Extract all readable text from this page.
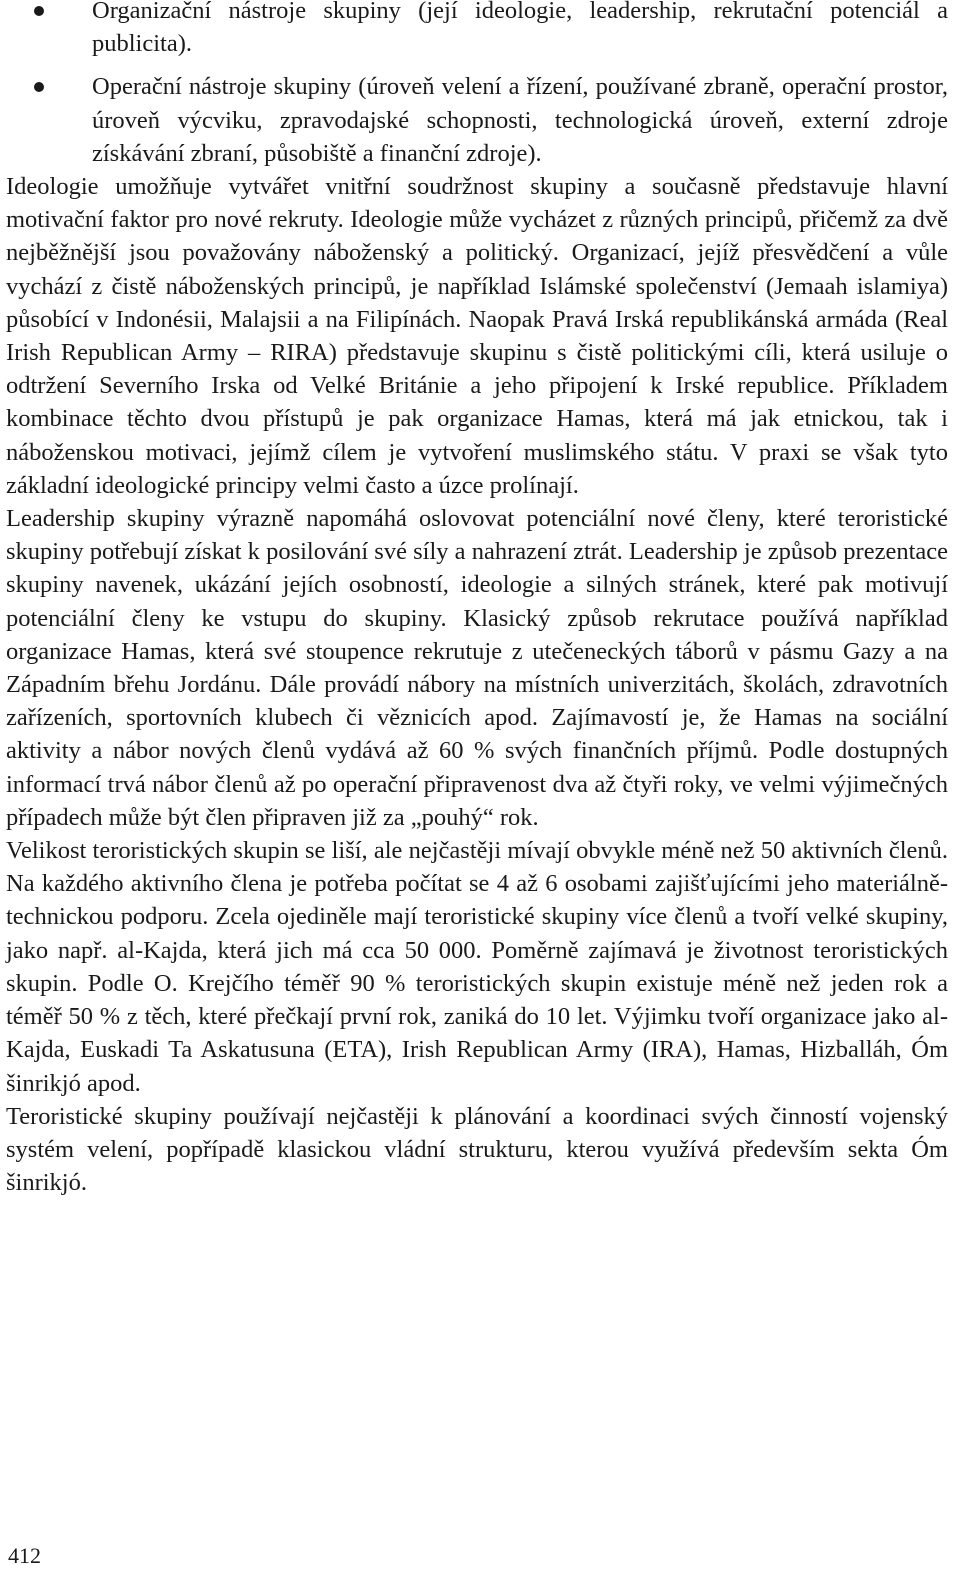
Organizační nástroje skupiny (její ideologie, leadership, rekrutační potenciál a publicita).
Operační nástroje skupiny (úroveň velení a řízení, používané zbraně, operační prostor, úroveň výcviku, zpravodajské schopnosti, technologická úroveň, externí zdroje získávání zbraní, působiště a finanční zdroje).

Ideologie umožňuje vytvářet vnitřní soudržnost skupiny a současně představuje hlavní motivační faktor pro nové rekruty. Ideologie může vycházet z různých principů, přičemž za dvě nejběžnější jsou považovány náboženský a politický. Organizací, jejíž přesvědčení a vůle vychází z čistě náboženských principů, je například Islámské společenství (Jemaah islamiya) působící v Indonésii, Malajsii a na Filipínách. Naopak Pravá Irská republikánská armáda (Real Irish Republican Army – RIRA) představuje skupinu s čistě politickými cíli, která usiluje o odtržení Severního Irska od Velké Británie a jeho připojení k Irské republice. Příkladem kombinace těchto dvou přístupů je pak organizace Hamas, která má jak etnickou, tak i náboženskou motivaci, jejímž cílem je vytvoření muslimského státu. V praxi se však tyto základní ideologické principy velmi často a úzce prolínají.

Leadership skupiny výrazně napomáhá oslovovat potenciální nové členy, které teroristické skupiny potřebují získat k posilování své síly a nahrazení ztrát. Leadership je způsob prezentace skupiny navenek, ukázání jejích osobností, ideologie a silných stránek, které pak motivují potenciální členy ke vstupu do skupiny. Klasický způsob rekrutace používá například organizace Hamas, která své stoupence rekrutuje z utečeneckých táborů v pásmu Gazy a na Západním břehu Jordánu. Dále provádí nábory na místních univerzitách, školách, zdravotních zařízeních, sportovních klubech či věznicích apod. Zajímavostí je, že Hamas na sociální aktivity a nábor nových členů vydává až 60 % svých finančních příjmů. Podle dostupných informací trvá nábor členů až po operační připravenost dva až čtyři roky, ve velmi výjimečných případech může být člen připraven již za „pouhý“ rok.

Velikost teroristických skupin se liší, ale nejčastěji mívají obvykle méně než 50 aktivních členů. Na každého aktivního člena je potřeba počítat se 4 až 6 osobami zajišťujícími jeho materiálně-technickou podporu. Zcela ojediněle mají teroristické skupiny více členů a tvoří velké skupiny, jako např. al-Kajda, která jich má cca 50 000. Poměrně zajímavá je životnost teroristických skupin. Podle O. Krejčího téměř 90 % teroristických skupin existuje méně než jeden rok a téměř 50 % z těch, které přečkají první rok, zaniká do 10 let. Výjimku tvoří organizace jako al-Kajda, Euskadi Ta Askatusuna (ETA), Irish Republican Army (IRA), Hamas, Hizballáh, Óm šinrikjó apod.

Teroristické skupiny používají nejčastěji k plánování a koordinaci svých činností vojenský systém velení, popřípadě klasickou vládní strukturu, kterou využívá především sekta Óm šinrikjó.

412
